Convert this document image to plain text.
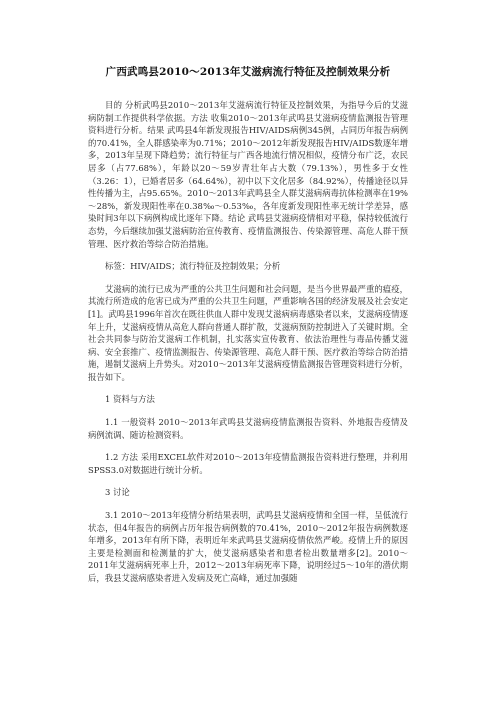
广西武鸣县2010～2013年艾滋病流行特征及控制效果分析

目的 分析武鸣县2010～2013年艾滋病流行特征及控制效果，为指导今后的艾滋病防制工作提供科学依据。方法 收集2010～2013年武鸣县艾滋病疫情监测报告管理资料进行分析。结果 武鸣县4年新发现报告HIV/AIDS病例345例，占同历年报告病例的70.41%，全人群感染率为0.71%；2010～2012年新发现报告HIV/AIDS数逐年增多，2013年呈现下降趋势；流行特征与广西各地流行情况相似，疫情分布广泛，农民居多（占77.68%），年龄以20～59岁青壮年占大数（79.13%），男性多于女性（3.26：1），已婚者居多（64.64%），初中以下文化居多（84.92%），传播途径以异性传播为主，占95.65%。2010～2013年武鸣县全人群艾滋病病毒抗体检测率在19%～28%，新发现阳性率在0.38‰～0.53‰，各年度新发现阳性率无统计学差异，感染时间3年以下病例构成比逐年下降。结论 武鸣县艾滋病疫情相对平稳，保持较低流行态势，今后继续加强艾滋病防治宣传教育、疫情监测报告、传染源管理、高危人群干预管理、医疗救治等综合防治措施。

标签：HIV/AIDS；流行特征及控制效果；分析

艾滋病的流行已成为严重的公共卫生问题和社会问题，是当今世界最严重的瘟疫，其流行所造成的危害已成为严重的公共卫生问题，严重影响各国的经济发展及社会安定[1]。武鸣县1996年首次在既往供血人群中发现艾滋病病毒感染者以来，艾滋病疫情逐年上升，艾滋病疫情从高危人群向普通人群扩散，艾滋病预防控制进入了关键时期。全社会共同参与防治艾滋病工作机制，扎实落实宣传教育、依法治理性与毒品传播艾滋病、安全套推广、疫情监测报告、传染源管理、高危人群干预、医疗救治等综合防治措施，遏制艾滋病上升势头。对2010～2013年艾滋病疫情监测报告管理资料进行分析，报告如下。

1 资料与方法

1.1 一般资料 2010～2013年武鸣县艾滋病疫情监测报告资料、外地报告疫情及病例流调、随访检测资料。

1.2 方法 采用EXCEL软件对2010～2013年疫情监测报告资料进行整理，并利用SPSS3.0对数据进行统计分析。

3 讨论

3.1 2010～2013年疫情分析结果表明，武鸣县艾滋病疫情和全国一样，呈低流行状态，但4年报告的病例占历年报告病例数的70.41%，2010～2012年报告病例数逐年增多，2013年有所下降，表明近年来武鸣县艾滋病疫情依然严峻。疫情上升的原因主要是检测面和检测量的扩大，使艾滋病感染者和患者检出数量增多[2]。2010～2011年艾滋病病死率上升，2012～2013年病死率下降，说明经过5～10年的潜伏期后，我县艾滋病感染者进入发病及死亡高峰，通过加强随
